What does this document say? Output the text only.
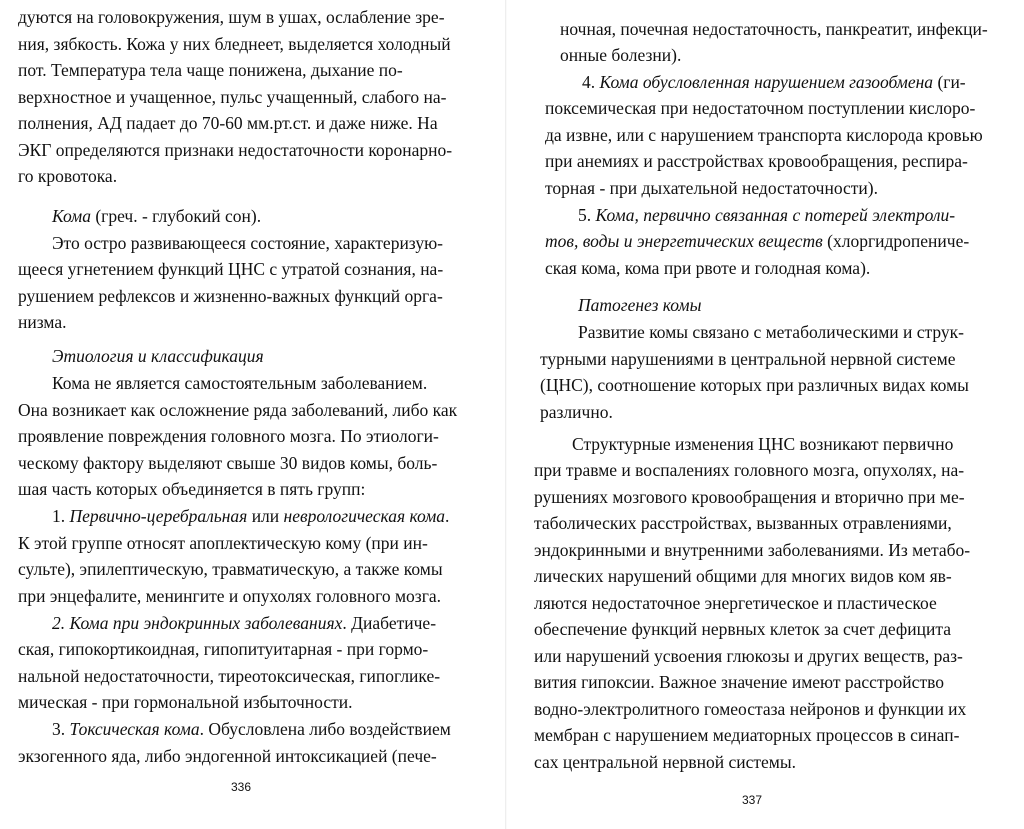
дуются на головокружения, шум в ушах, ослабление зре-
ния, зябкость. Кожа у них бледнеет, выделяется холодный
пот. Температура тела чаще понижена, дыхание по-
верхностное и учащенное, пульс учащенный, слабого на-
полнения, АД падает до 70-60 мм.рт.ст. и даже ниже. На
ЭКГ определяются признаки недостаточности коронарно-
го кровотока.
Кома (греч. - глубокий сон).
Это остро развивающееся состояние, характеризую-
щееся угнетением функций ЦНС с утратой сознания, на-
рушением рефлексов и жизненно-важных функций орга-
низма.
Этиология и классификация
Кома не является самостоятельным заболеванием.
Она возникает как осложнение ряда заболеваний, либо как
проявление повреждения головного мозга. По этиологи-
ческому фактору выделяют свыше 30 видов комы, боль-
шая часть которых объединяется в пять групп:
1. Первично-церебральная или неврологическая кома.
К этой группе относят апоплектическую кому (при ин-
сульте), эпилептическую, травматическую, а также комы
при энцефалите, менингите и опухолях головного мозга.
2. Кома при эндокринных заболеваниях. Диабетиче-
ская, гипокортикоидная, гипопитуитарная - при гормо-
нальной недостаточности, тиреотоксическая, гипоглике-
мическая - при гормональной избыточности.
3. Токсическая кома. Обусловлена либо воздействием
экзогенного яда, либо эндогенной интоксикацией (пече-
336
ночная, почечная недостаточность, панкреатит, инфекци-
онные болезни).
4. Кома обусловленная нарушением газообмена (ги-
поксемическая при недостаточном поступлении кислоро-
да извне, или с нарушением транспорта кислорода кровью
при анемиях и расстройствах кровообращения, респира-
торная - при дыхательной недостаточности).
5. Кома, первично связанная с потерей электроли-
тов, воды и энергетических веществ (хлоргидропениче-
ская кома, кома при рвоте и голодная кома).
Патогенез комы
Развитие комы связано с метаболическими и струк-
турными нарушениями в центральной нервной системе
(ЦНС), соотношение которых при различных видах комы
различно.
Структурные изменения ЦНС возникают первично
при травме и воспалениях головного мозга, опухолях, на-
рушениях мозгового кровообращения и вторично при ме-
таболических расстройствах, вызванных отравлениями,
эндокринными и внутренними заболеваниями. Из метабо-
лических нарушений общими для многих видов ком яв-
ляются недостаточное энергетическое и пластическое
обеспечение функций нервных клеток за счет дефицита
или нарушений усвоения глюкозы и других веществ, раз-
вития гипоксии. Важное значение имеют расстройство
водно-электролитного гомеостаза нейронов и функции их
мембран с нарушением медиаторных процессов в синап-
сах центральной нервной системы.
337
